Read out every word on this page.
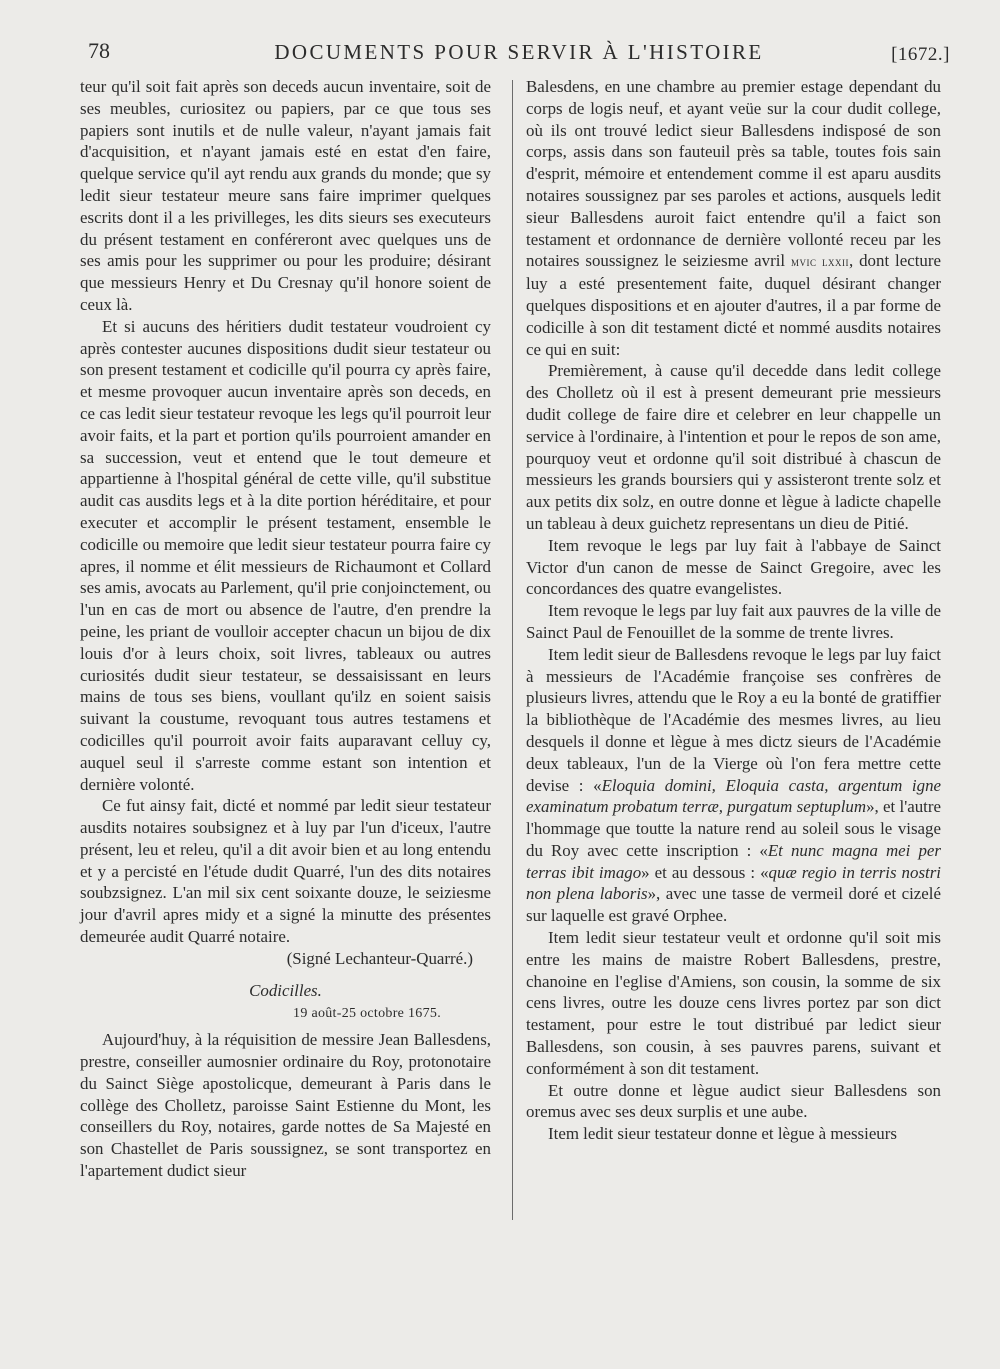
78	DOCUMENTS POUR SERVIR À L'HISTOIRE	[1672.]

teur qu'il soit fait après son deceds aucun inventaire, soit de ses meubles, curiositez ou papiers, par ce que tous ses papiers sont inutils et de nulle valeur, n'ayant jamais fait d'acquisition, et n'ayant jamais esté en estat d'en faire, quelque service qu'il ayt rendu aux grands du monde; que sy ledit sieur testateur meure sans faire imprimer quelques escrits dont il a les privilleges, les dits sieurs ses executeurs du présent testament en conféreront avec quelques uns de ses amis pour les supprimer ou pour les produire; désirant que messieurs Henry et Du Cresnay qu'il honore soient de ceux là.

Et si aucuns des héritiers dudit testateur voudroient cy après contester aucunes dispositions dudit sieur testateur ou son present testament et codicille qu'il pourra cy après faire, et mesme provoquer aucun inventaire après son deceds, en ce cas ledit sieur testateur revoque les legs qu'il pourroit leur avoir faits, et la part et portion qu'ils pourroient amander en sa succession, veut et entend que le tout demeure et appartienne à l'hospital général de cette ville, qu'il substitue audit cas ausdits legs et à la dite portion héréditaire, et pour executer et accomplir le présent testament, ensemble le codicille ou memoire que ledit sieur testateur pourra faire cy apres, il nomme et élit messieurs de Richaumont et Collard ses amis, avocats au Parlement, qu'il prie conjoinctement, ou l'un en cas de mort ou absence de l'autre, d'en prendre la peine, les priant de voulloir accepter chacun un bijou de dix louis d'or à leurs choix, soit livres, tableaux ou autres curiosités dudit sieur testateur, se dessaisissant en leurs mains de tous ses biens, voullant qu'ilz en soient saisis suivant la coustume, revoquant tous autres testamens et codicilles qu'il pourroit avoir faits auparavant celluy cy, auquel seul il s'arreste comme estant son intention et dernière volonté.

Ce fut ainsy fait, dicté et nommé par ledit sieur testateur ausdits notaires soubsignez et à luy par l'un d'iceux, l'autre présent, leu et releu, qu'il a dit avoir bien et au long entendu et y a percisté en l'étude dudit Quarré, l'un des dits notaires soubzsignez. L'an mil six cent soixante douze, le seiziesme jour d'avril apres midy et a signé la minutte des présentes demeurée audit Quarré notaire.

(Signé Lechanteur-Quarré.)

Codicilles.

19 août-25 octobre 1675.

Aujourd'huy, à la réquisition de messire Jean Ballesdens, prestre, conseiller aumosnier ordinaire du Roy, protonotaire du Sainct Siège apostolicque, demeurant à Paris dans le collège des Cholletz, paroisse Saint Estienne du Mont, les conseillers du Roy, notaires, garde nottes de Sa Majesté en son Chastellet de Paris soussignez, se sont transportez en l'apartement dudict sieur

Balesdens, en une chambre au premier estage dependant du corps de logis neuf, et ayant veüe sur la cour dudit college, où ils ont trouvé ledict sieur Ballesdens indisposé de son corps, assis dans son fauteuil près sa table, toutes fois sain d'esprit, mémoire et entendement comme il est aparu ausdits notaires soussignez par ses paroles et actions, ausquels ledit sieur Ballesdens auroit faict entendre qu'il a faict son testament et ordonnance de dernière vollonté receu par les notaires soussignez le seiziesme avril mvic lxxii, dont lecture luy a esté presentement faite, duquel désirant changer quelques dispositions et en ajouter d'autres, il a par forme de codicille à son dit testament dicté et nommé ausdits notaires ce qui en suit:

Premièrement, à cause qu'il decedde dans ledit college des Cholletz où il est à present demeurant prie messieurs dudit college de faire dire et celebrer en leur chappelle un service à l'ordinaire, à l'intention et pour le repos de son ame, pourquoy veut et ordonne qu'il soit distribué à chascun de messieurs les grands boursiers qui y assisteront trente solz et aux petits dix solz, en outre donne et lègue à ladicte chapelle un tableau à deux guichetz representans un dieu de Pitié.

Item revoque le legs par luy fait à l'abbaye de Sainct Victor d'un canon de messe de Sainct Gregoire, avec les concordances des quatre evangelistes.

Item revoque le legs par luy fait aux pauvres de la ville de Sainct Paul de Fenouillet de la somme de trente livres.

Item ledit sieur de Ballesdens revoque le legs par luy faict à messieurs de l'Académie françoise ses confrères de plusieurs livres, attendu que le Roy a eu la bonté de gratiffier la bibliothèque de l'Académie des mesmes livres, au lieu desquels il donne et lègue à mes dictz sieurs de l'Académie deux tableaux, l'un de la Vierge où l'on fera mettre cette devise : «Eloquia domini, Eloquia casta, argentum igne examinatum probatum terræ, purgatum septuplum», et l'autre l'hommage que toutte la nature rend au soleil sous le visage du Roy avec cette inscription : «Et nunc magna mei per terras ibit imago» et au dessous : «quæ regio in terris nostri non plena laboris», avec une tasse de vermeil doré et cizelé sur laquelle est gravé Orphee.

Item ledit sieur testateur veult et ordonne qu'il soit mis entre les mains de maistre Robert Ballesdens, prestre, chanoine en l'eglise d'Amiens, son cousin, la somme de six cens livres, outre les douze cens livres portez par son dict testament, pour estre le tout distribué par ledict sieur Ballesdens, son cousin, à ses pauvres parens, suivant et conformément à son dit testament.

Et outre donne et lègue audict sieur Ballesdens son oremus avec ses deux surplis et une aube.

Item ledit sieur testateur donne et lègue à messieurs
